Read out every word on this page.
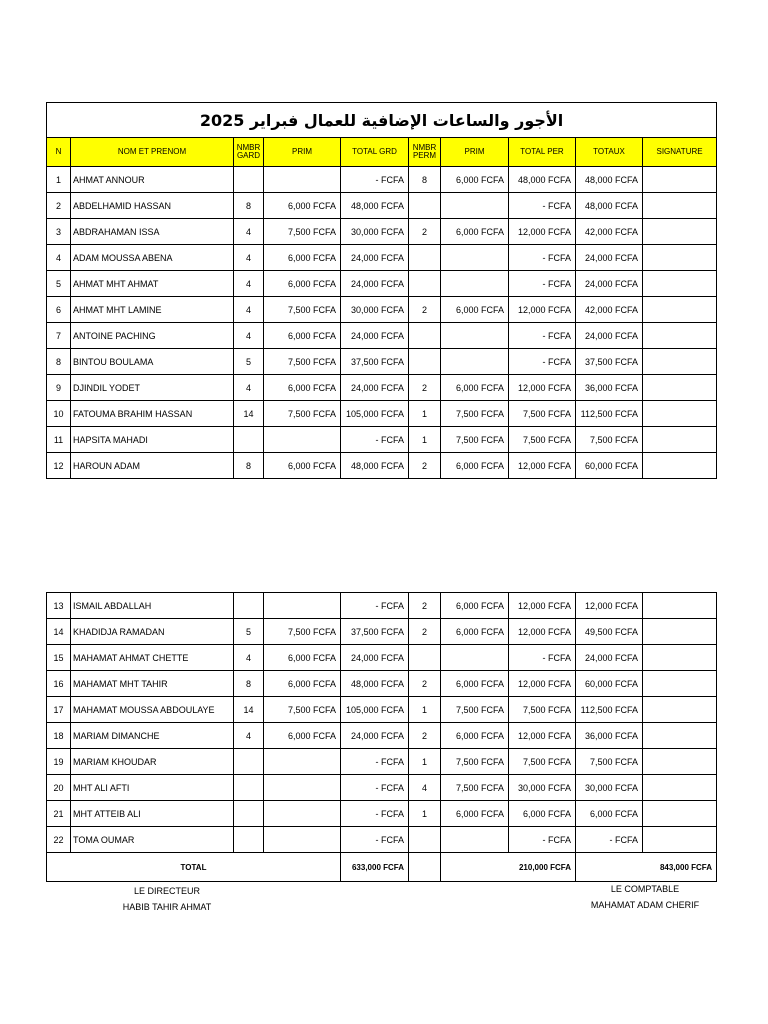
الأجور والساعات الإضافية للعمال فبراير 2025									
N	NOM ET PRENOM	NMBR GARD	PRIM	TOTAL GRD	NMBR PERM	PRIM	TOTAL PER	TOTAUX	SIGNATURE
1	AHMAT ANNOUR			- FCFA	8	6,000 FCFA	48,000 FCFA	48,000 FCFA	
2	ABDELHAMID HASSAN	8	6,000 FCFA	48,000 FCFA			- FCFA	48,000 FCFA	
3	ABDRAHAMAN ISSA	4	7,500 FCFA	30,000 FCFA	2	6,000 FCFA	12,000 FCFA	42,000 FCFA	
4	ADAM MOUSSA ABENA	4	6,000 FCFA	24,000 FCFA			- FCFA	24,000 FCFA	
5	AHMAT MHT AHMAT	4	6,000 FCFA	24,000 FCFA			- FCFA	24,000 FCFA	
6	AHMAT MHT LAMINE	4	7,500 FCFA	30,000 FCFA	2	6,000 FCFA	12,000 FCFA	42,000 FCFA	
7	ANTOINE PACHING	4	6,000 FCFA	24,000 FCFA			- FCFA	24,000 FCFA	
8	BINTOU BOULAMA	5	7,500 FCFA	37,500 FCFA			- FCFA	37,500 FCFA	
9	DJINDIL YODET	4	6,000 FCFA	24,000 FCFA	2	6,000 FCFA	12,000 FCFA	36,000 FCFA	
10	FATOUMA BRAHIM HASSAN	14	7,500 FCFA	105,000 FCFA	1	7,500 FCFA	7,500 FCFA	112,500 FCFA	
11	HAPSITA MAHADI			- FCFA	1	7,500 FCFA	7,500 FCFA	7,500 FCFA	
12	HAROUN ADAM	8	6,000 FCFA	48,000 FCFA	2	6,000 FCFA	12,000 FCFA	60,000 FCFA	
13	ISMAIL ABDALLAH			- FCFA	2	6,000 FCFA	12,000 FCFA	12,000 FCFA	
14	KHADIDJA RAMADAN	5	7,500 FCFA	37,500 FCFA	2	6,000 FCFA	12,000 FCFA	49,500 FCFA	
15	MAHAMAT AHMAT CHETTE	4	6,000 FCFA	24,000 FCFA			- FCFA	24,000 FCFA	
16	MAHAMAT MHT TAHIR	8	6,000 FCFA	48,000 FCFA	2	6,000 FCFA	12,000 FCFA	60,000 FCFA	
17	MAHAMAT MOUSSA ABDOULAYE	14	7,500 FCFA	105,000 FCFA	1	7,500 FCFA	7,500 FCFA	112,500 FCFA	
18	MARIAM DIMANCHE	4	6,000 FCFA	24,000 FCFA	2	6,000 FCFA	12,000 FCFA	36,000 FCFA	
19	MARIAM KHOUDAR			- FCFA	1	7,500 FCFA	7,500 FCFA	7,500 FCFA	
20	MHT ALI AFTI			- FCFA	4	7,500 FCFA	30,000 FCFA	30,000 FCFA	
21	MHT ATTEIB ALI			- FCFA	1	6,000 FCFA	6,000 FCFA	6,000 FCFA	
22	TOMA OUMAR			- FCFA			- FCFA	- FCFA	
TOTAL				633,000 FCFA		210,000 FCFA		843,000 FCFA	
LE DIRECTEUR
HABIB TAHIR AHMAT
LE COMPTABLE
MAHAMAT ADAM CHERIF
